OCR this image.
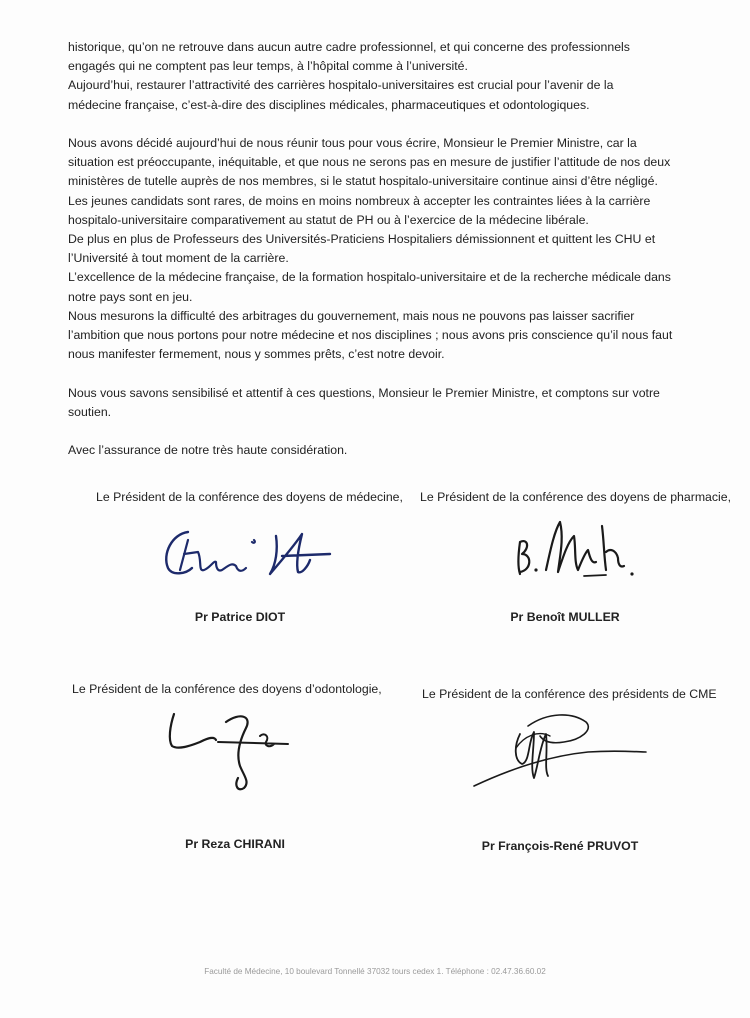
historique, qu’on ne retrouve dans aucun autre cadre professionnel, et qui concerne des professionnels
engagés qui ne comptent pas leur temps, à l’hôpital comme à l’université.
Aujourd’hui, restaurer l’attractivité des carrières hospitalo-universitaires est crucial pour l’avenir de la
médecine française, c’est-à-dire des disciplines médicales, pharmaceutiques et odontologiques.
Nous avons décidé aujourd’hui de nous réunir tous pour vous écrire, Monsieur le Premier Ministre, car la
situation est préoccupante, inéquitable, et que nous ne serons pas en mesure de justifier l’attitude de nos deux
ministères de tutelle auprès de nos membres, si le statut hospitalo-universitaire continue ainsi d’être négligé.
Les jeunes candidats sont rares, de moins en moins nombreux à accepter les contraintes liées à la carrière
hospitalo-universitaire comparativement au statut de PH ou à l’exercice de la médecine libérale.
De plus en plus de Professeurs des Universités-Praticiens Hospitaliers démissionnent et quittent les CHU et
l’Université à tout moment de la carrière.
L’excellence de la médecine française, de la formation hospitalo-universitaire et de la recherche médicale dans
notre pays sont en jeu.
Nous mesurons la difficulté des arbitrages du gouvernement, mais nous ne pouvons pas laisser sacrifier
l’ambition que nous portons pour notre médecine et nos disciplines ; nous avons pris conscience qu’il nous faut
nous manifester fermement, nous y sommes prêts, c’est notre devoir.
Nous vous savons sensibilisé et attentif à ces questions, Monsieur le Premier Ministre, et comptons sur votre
soutien.
Avec l’assurance de notre très haute considération.
Le Président de la conférence des doyens de médecine,
Pr Patrice DIOT
Le Président de la conférence des doyens de pharmacie,
Pr Benoît MULLER
Le Président de la conférence des doyens d’odontologie,
Pr Reza CHIRANI
Le Président de la conférence des présidents de CME
Pr François-René PRUVOT
Faculté de Médecine, 10 boulevard Tonnellé 37032 tours cedex 1. Téléphone : 02.47.36.60.02
